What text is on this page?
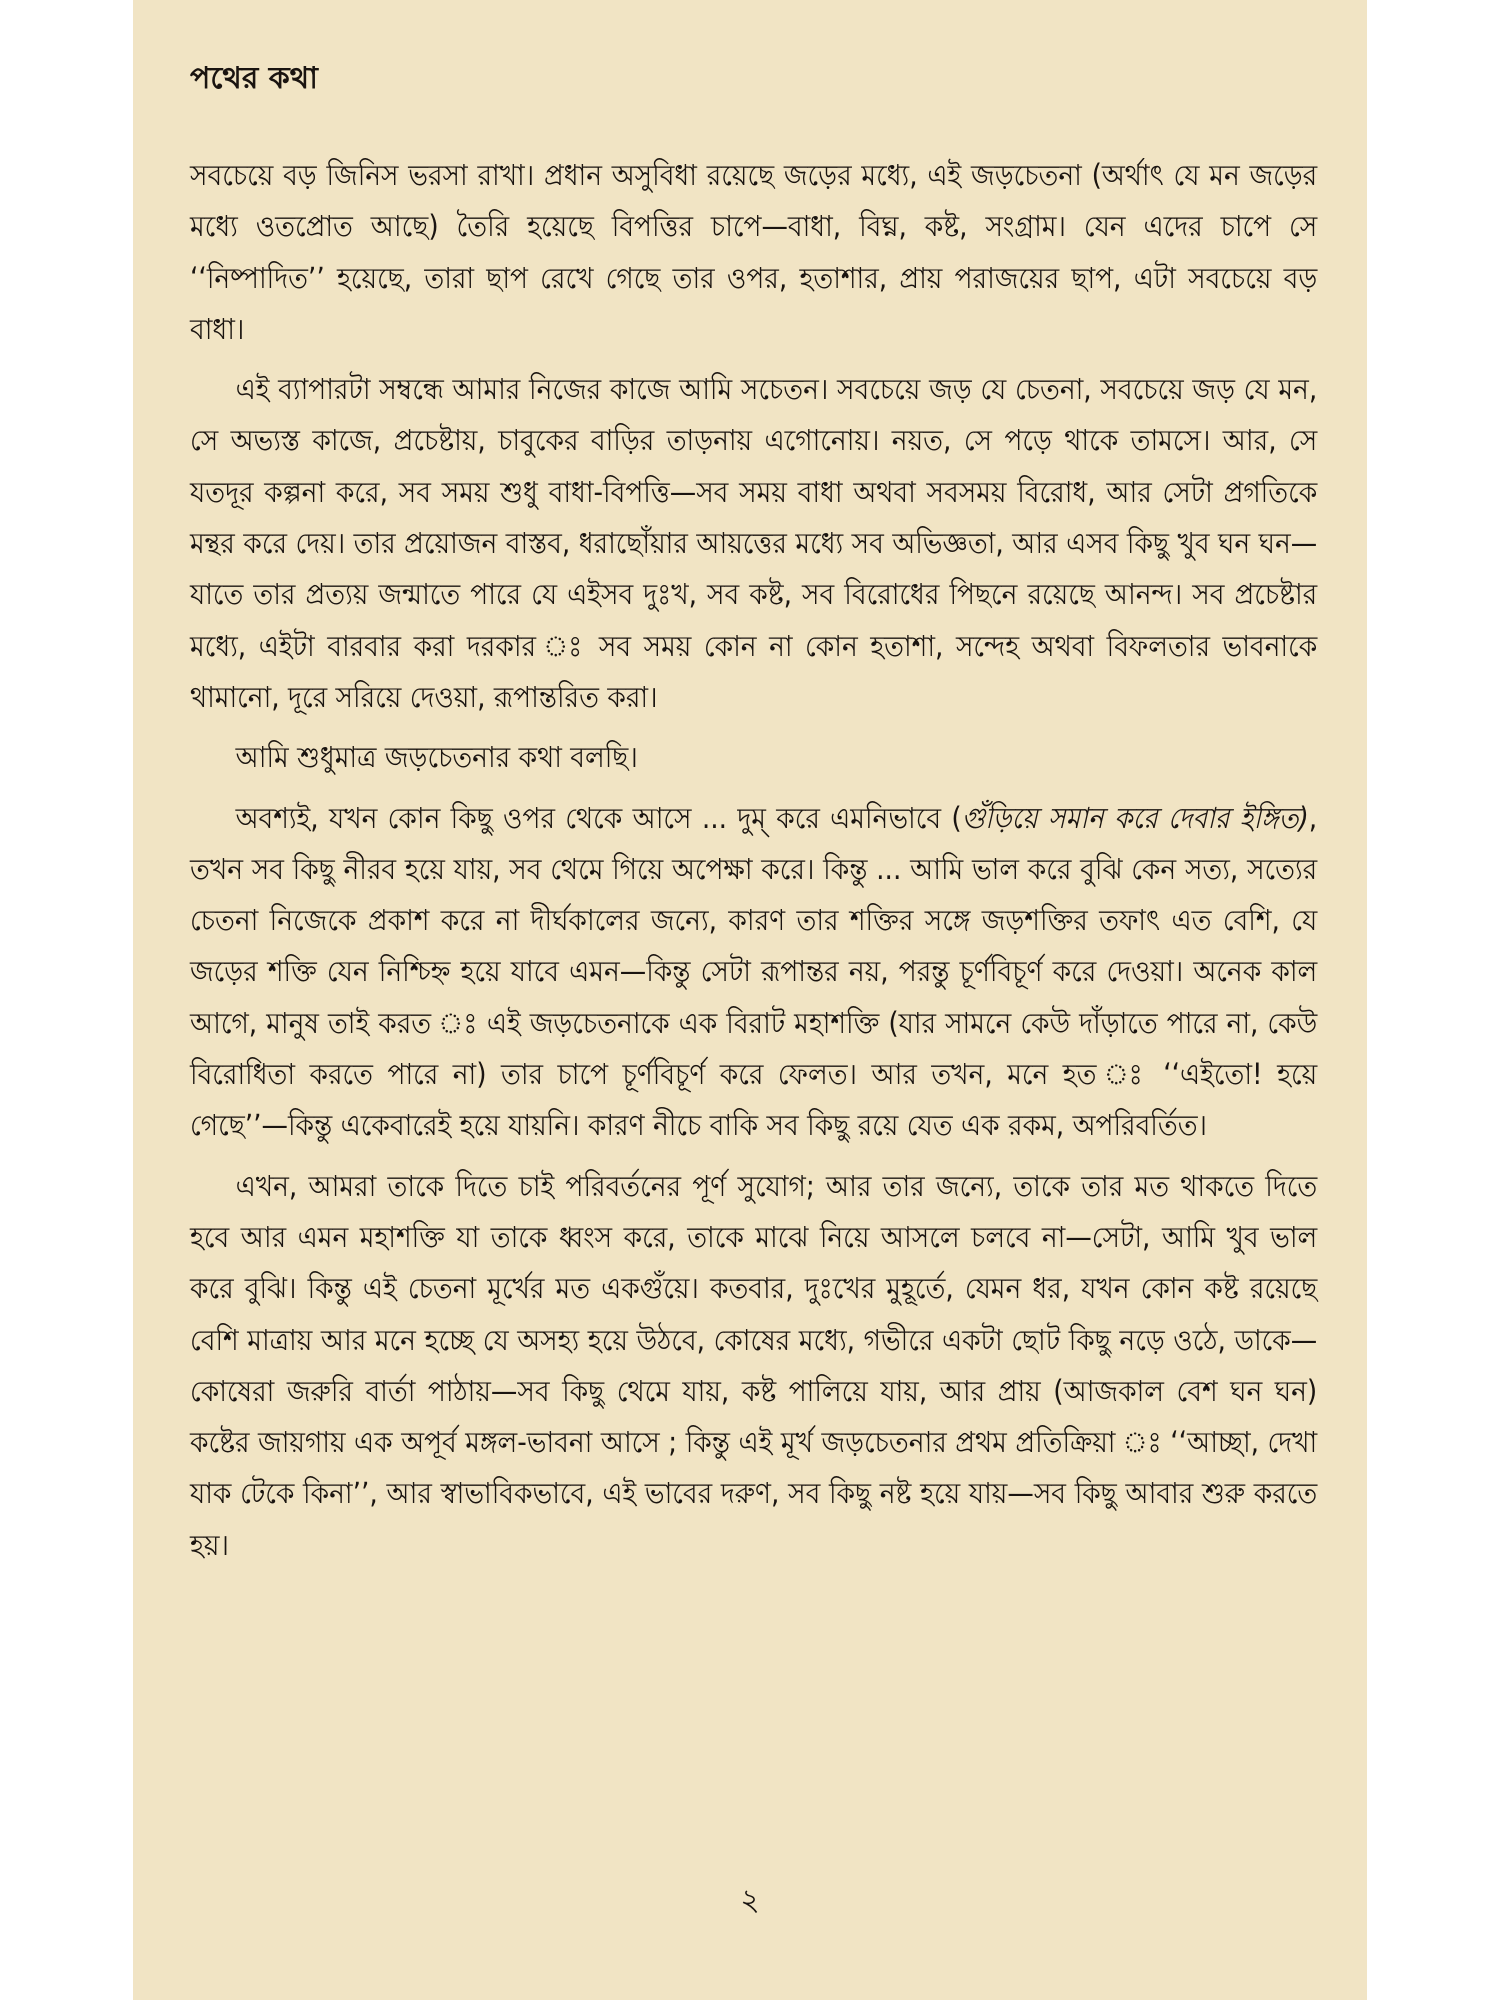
পথের কথা

সবচেয়ে বড় জিনিস ভরসা রাখা। প্রধান অসুবিধা রয়েছে জড়ের মধ্যে, এই জড়চেতনা (অর্থাৎ যে মন জড়ের মধ্যে ওতপ্রোত আছে) তৈরি হয়েছে বিপত্তির চাপে—বাধা, বিঘ্ন, কষ্ট, সংগ্রাম। যেন এদের চাপে সে ‘‘নিষ্পাদিত’’ হয়েছে, তারা ছাপ রেখে গেছে তার ওপর, হতাশার, প্রায় পরাজয়ের ছাপ, এটা সবচেয়ে বড় বাধা।

এই ব্যাপারটা সম্বন্ধে আমার নিজের কাজে আমি সচেতন। সবচেয়ে জড় যে চেতনা, সবচেয়ে জড় যে মন, সে অভ্যস্ত কাজে, প্রচেষ্টায়, চাবুকের বাড়ির তাড়নায় এগোনোয়। নয়ত, সে পড়ে থাকে তামসে। আর, সে যতদূর কল্পনা করে, সব সময় শুধু বাধা-বিপত্তি—সব সময় বাধা অথবা সবসময় বিরোধ, আর সেটা প্রগতিকে মন্থর করে দেয়। তার প্রয়োজন বাস্তব, ধরাছোঁয়ার আয়ত্তের মধ্যে সব অভিজ্ঞতা, আর এসব কিছু খুব ঘন ঘন—যাতে তার প্রত্যয় জন্মাতে পারে যে এইসব দুঃখ, সব কষ্ট, সব বিরোধের পিছনে রয়েছে আনন্দ। সব প্রচেষ্টার মধ্যে, এইটা বারবার করা দরকার ঃ সব সময় কোন না কোন হতাশা, সন্দেহ অথবা বিফলতার ভাবনাকে থামানো, দূরে সরিয়ে দেওয়া, রূপান্তরিত করা।

আমি শুধুমাত্র জড়চেতনার কথা বলছি।

অবশ্যই, যখন কোন কিছু ওপর থেকে আসে ... দুম্ করে এমনিভাবে (গুঁড়িয়ে সমান করে দেবার ইঙ্গিত), তখন সব কিছু নীরব হয়ে যায়, সব থেমে গিয়ে অপেক্ষা করে। কিন্তু ... আমি ভাল করে বুঝি কেন সত্য, সত্যের চেতনা নিজেকে প্রকাশ করে না দীর্ঘকালের জন্যে, কারণ তার শক্তির সঙ্গে জড়শক্তির তফাৎ এত বেশি, যে জড়ের শক্তি যেন নিশ্চিহ্ন হয়ে যাবে এমন—কিন্তু সেটা রূপান্তর নয়, পরন্তু চূর্ণবিচূর্ণ করে দেওয়া। অনেক কাল আগে, মানুষ তাই করত ঃ এই জড়চেতনাকে এক বিরাট মহাশক্তি (যার সামনে কেউ দাঁড়াতে পারে না, কেউ বিরোধিতা করতে পারে না) তার চাপে চূর্ণবিচূর্ণ করে ফেলত। আর তখন, মনে হত ঃ ‘‘এইতো! হয়ে গেছে’’—কিন্তু একেবারেই হয়ে যায়নি। কারণ নীচে বাকি সব কিছু রয়ে যেত এক রকম, অপরিবর্তিত।

এখন, আমরা তাকে দিতে চাই পরিবর্তনের পূর্ণ সুযোগ; আর তার জন্যে, তাকে তার মত থাকতে দিতে হবে আর এমন মহাশক্তি যা তাকে ধ্বংস করে, তাকে মাঝে নিয়ে আসলে চলবে না—সেটা, আমি খুব ভাল করে বুঝি। কিন্তু এই চেতনা মূর্খের মত একগুঁয়ে। কতবার, দুঃখের মুহূর্তে, যেমন ধর, যখন কোন কষ্ট রয়েছে বেশি মাত্রায় আর মনে হচ্ছে যে অসহ্য হয়ে উঠবে, কোষের মধ্যে, গভীরে একটা ছোট কিছু নড়ে ওঠে, ডাকে—কোষেরা জরুরি বার্তা পাঠায়—সব কিছু থেমে যায়, কষ্ট পালিয়ে যায়, আর প্রায় (আজকাল বেশ ঘন ঘন) কষ্টের জায়গায় এক অপূর্ব মঙ্গল-ভাবনা আসে ; কিন্তু এই মূর্খ জড়চেতনার প্রথম প্রতিক্রিয়া ঃ ‘‘আচ্ছা, দেখা যাক টেকে কিনা’’, আর স্বাভাবিকভাবে, এই ভাবের দরুণ, সব কিছু নষ্ট হয়ে যায়—সব কিছু আবার শুরু করতে হয়।

২
